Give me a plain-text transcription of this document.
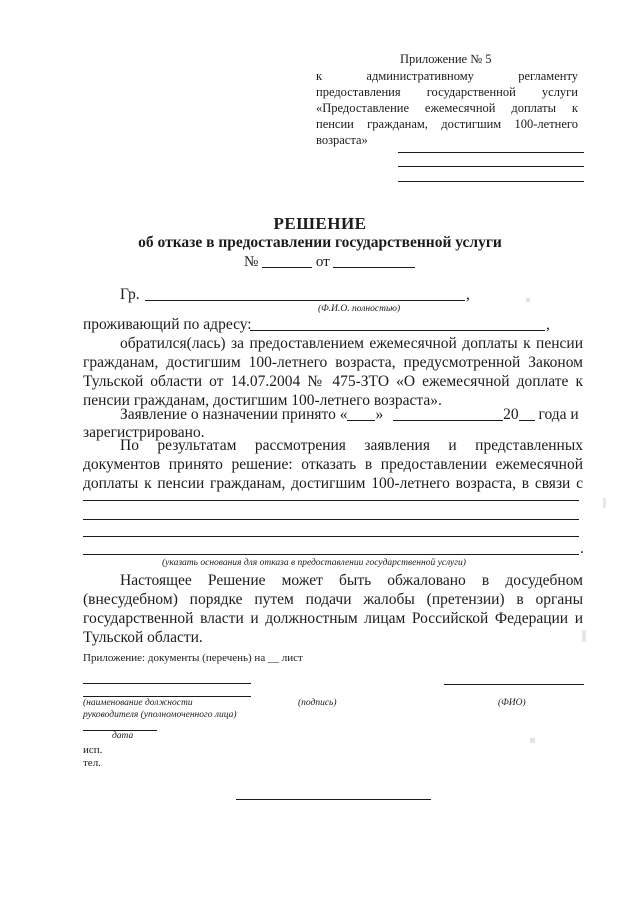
Приложение № 5
к административному регламенту предоставления государственной услуги «Предоставление ежемесячной доплаты к пенсии гражданам, достигшим 100-летнего возраста»
РЕШЕНИЕ
об отказе в предоставлении государственной услуги
№	от
Гр.	,
(Ф.И.О. полностью)
проживающий по адресу:	,
обратился(лась) за предоставлением ежемесячной доплаты к пенсии гражданам, достигшим 100-летнего возраста, предусмотренной Законом Тульской области от 14.07.2004 № 475-ЗТО «О ежемесячной доплате к пенсии гражданам, достигшим 100-летнего возраста».
Заявление о назначении принято « »	20 года и
зарегистрировано.
По результатам рассмотрения заявления и представленных документов принято решение: отказать в предоставлении ежемесячной доплаты к пенсии гражданам, достигшим 100-летнего возраста, в связи с
.
(указать основания для отказа в предоставлении государственной услуги)
Настоящее Решение может быть обжаловано в досудебном (внесудебном) порядке путем подачи жалобы (претензии) в органы государственной власти и должностным лицам Российской Федерации и Тульской области.
Приложение: документы (перечень) на __ лист
(наименование должности
руководителя (уполномоченного лица)
(подпись)	(ФИО)
дата
исп.
тел.
